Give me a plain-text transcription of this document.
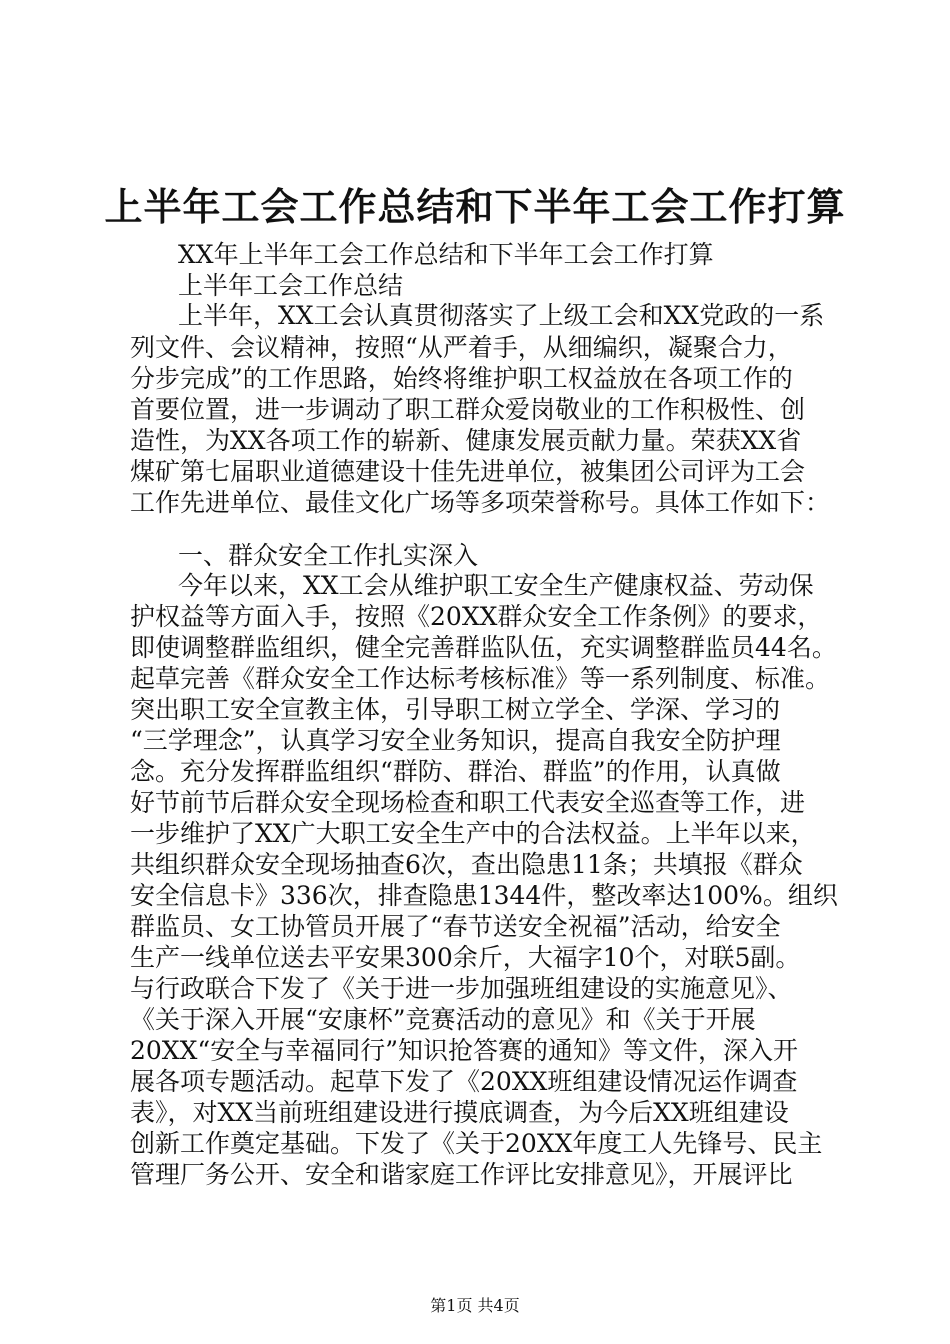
上半年工会工作总结和下半年工会工作打算

XX年上半年工会工作总结和下半年工会工作打算

上半年工会工作总结

上半年，XX工会认真贯彻落实了上级工会和XX党政的一系

列文件、会议精神，按照“从严着手，从细编织，凝聚合力，

分步完成”的工作思路，始终将维护职工权益放在各项工作的

首要位置，进一步调动了职工群众爱岗敬业的工作积极性、创

造性，为XX各项工作的崭新、健康发展贡献力量。荣获XX省

煤矿第七届职业道德建设十佳先进单位，被集团公司评为工会

工作先进单位、最佳文化广场等多项荣誉称号。具体工作如下：

一、群众安全工作扎实深入

今年以来，XX工会从维护职工安全生产健康权益、劳动保

护权益等方面入手，按照《20XX群众安全工作条例》的要求，

即使调整群监组织，健全完善群监队伍，充实调整群监员44名。

起草完善《群众安全工作达标考核标准》等一系列制度、标准。

突出职工安全宣教主体，引导职工树立学全、学深、学习的

“三学理念”，认真学习安全业务知识，提高自我安全防护理

念。充分发挥群监组织“群防、群治、群监”的作用，认真做

好节前节后群众安全现场检查和职工代表安全巡查等工作，进

一步维护了XX广大职工安全生产中的合法权益。上半年以来，

共组织群众安全现场抽查6次，查出隐患11条；共填报《群众

安全信息卡》336次，排查隐患1344件，整改率达100%。组织

群监员、女工协管员开展了“春节送安全祝福”活动，给安全

生产一线单位送去平安果300余斤，大福字10个，对联5副。

与行政联合下发了《关于进一步加强班组建设的实施意见》、

《关于深入开展“安康杯”竞赛活动的意见》和《关于开展

20XX“安全与幸福同行”知识抢答赛的通知》等文件，深入开

展各项专题活动。起草下发了《20XX班组建设情况运作调查

表》，对XX当前班组建设进行摸底调查，为今后XX班组建设

创新工作奠定基础。下发了《关于20XX年度工人先锋号、民主

管理厂务公开、安全和谐家庭工作评比安排意见》，开展评比

第1页 共4页
